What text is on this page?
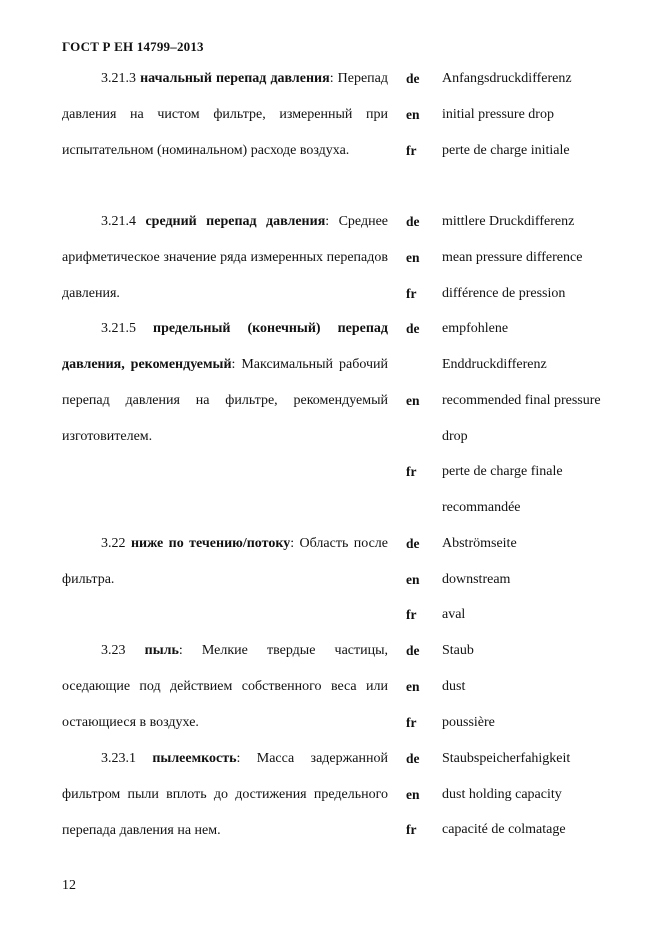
ГОСТ Р ЕН 14799–2013

3.21.3 начальный перепад давления: Перепад давления на чистом фильтре, измеренный при испытательном (номинальном) расходе воздуха.

de	Anfangsdruckdifferenz
en	initial pressure drop
fr	perte de charge initiale

3.21.4 средний перепад давления: Среднее арифметическое значение ряда измеренных перепадов давления.

de	mittlere Druckdifferenz
en	mean pressure difference
fr	différence de pression

3.21.5 предельный (конечный) перепад давления, рекомендуемый: Максимальный рабочий перепад давления на фильтре, рекомендуемый изготовителем.

de	empfohlene
Enddruckdifferenz
en	recommended final pressure
drop
fr	perte de charge finale
recommandée

3.22 ниже по течению/потоку: Область после фильтра.

de	Abströmseite
en	downstream
fr	aval

3.23 пыль: Мелкие твердые частицы, оседающие под действием собственного веса или остающиеся в воздухе.

de	Staub
en	dust
fr	poussière

3.23.1 пылеемкость: Масса задержанной фильтром пыли вплоть до достижения предельного перепада давления на нем.

de	Staubspeicherfahigkeit
en	dust holding capacity
fr	capacité de colmatage
12
